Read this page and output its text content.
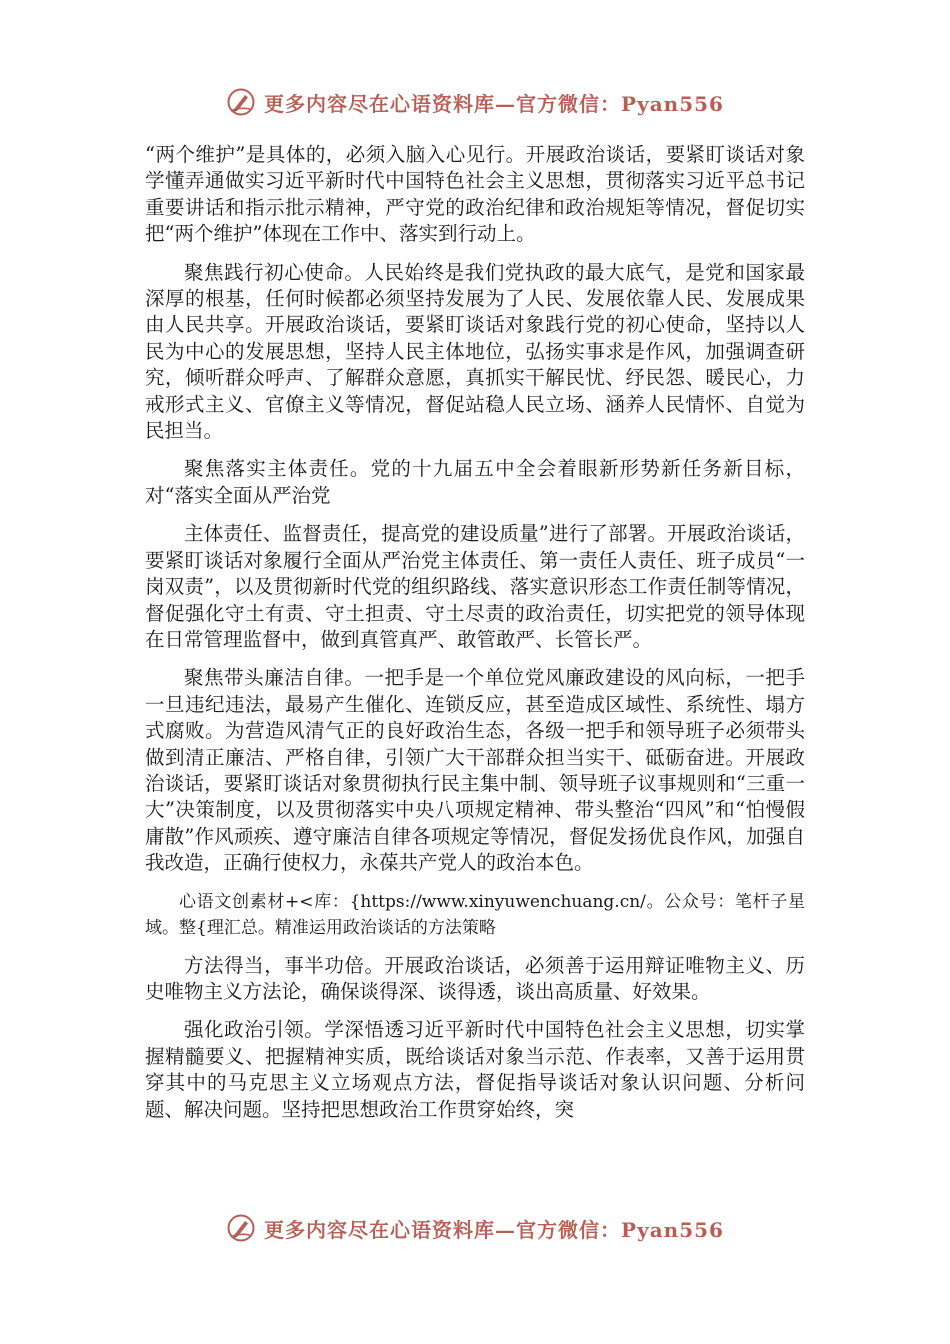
更多内容尽在心语资料库—官方微信：Pyan556

“两个维护”是具体的，必须入脑入心见行。开展政治谈话，要紧盯谈话对象学懂弄通做实习近平新时代中国特色社会主义思想，贯彻落实习近平总书记重要讲话和指示批示精神，严守党的政治纪律和政治规矩等情况，督促切实把“两个维护”体现在工作中、落实到行动上。

聚焦践行初心使命。人民始终是我们党执政的最大底气，是党和国家最深厚的根基，任何时候都必须坚持发展为了人民、发展依靠人民、发展成果由人民共享。开展政治谈话，要紧盯谈话对象践行党的初心使命，坚持以人民为中心的发展思想，坚持人民主体地位，弘扬实事求是作风，加强调查研究，倾听群众呼声、了解群众意愿，真抓实干解民忧、纾民怨、暖民心，力戒形式主义、官僚主义等情况，督促站稳人民立场、涵养人民情怀、自觉为民担当。

聚焦落实主体责任。党的十九届五中全会着眼新形势新任务新目标，对“落实全面从严治党

主体责任、监督责任，提高党的建设质量”进行了部署。开展政治谈话，要紧盯谈话对象履行全面从严治党主体责任、第一责任人责任、班子成员“一岗双责”，以及贯彻新时代党的组织路线、落实意识形态工作责任制等情况，督促强化守土有责、守土担责、守土尽责的政治责任，切实把党的领导体现在日常管理监督中，做到真管真严、敢管敢严、长管长严。

聚焦带头廉洁自律。一把手是一个单位党风廉政建设的风向标，一把手一旦违纪违法，最易产生催化、连锁反应，甚至造成区域性、系统性、塌方式腐败。为营造风清气正的良好政治生态，各级一把手和领导班子必须带头做到清正廉洁、严格自律，引领广大干部群众担当实干、砥砺奋进。开展政治谈话，要紧盯谈话对象贯彻执行民主集中制、领导班子议事规则和“三重一大”决策制度，以及贯彻落实中央八项规定精神、带头整治“四风”和“怕慢假庸散”作风顽疾、遵守廉洁自律各项规定等情况，督促发扬优良作风，加强自我改造，正确行使权力，永葆共产党人的政治本色。

心语文创素材+<库：{https://www.xinyuwenchuang.cn/。公众号：笔杆子星域。整{理汇总。精准运用政治谈话的方法策略

方法得当，事半功倍。开展政治谈话，必须善于运用辩证唯物主义、历史唯物主义方法论，确保谈得深、谈得透，谈出高质量、好效果。

强化政治引领。学深悟透习近平新时代中国特色社会主义思想，切实掌握精髓要义、把握精神实质，既给谈话对象当示范、作表率，又善于运用贯穿其中的马克思主义立场观点方法，督促指导谈话对象认识问题、分析问题、解决问题。坚持把思想政治工作贯穿始终，突

更多内容尽在心语资料库—官方微信：Pyan556
